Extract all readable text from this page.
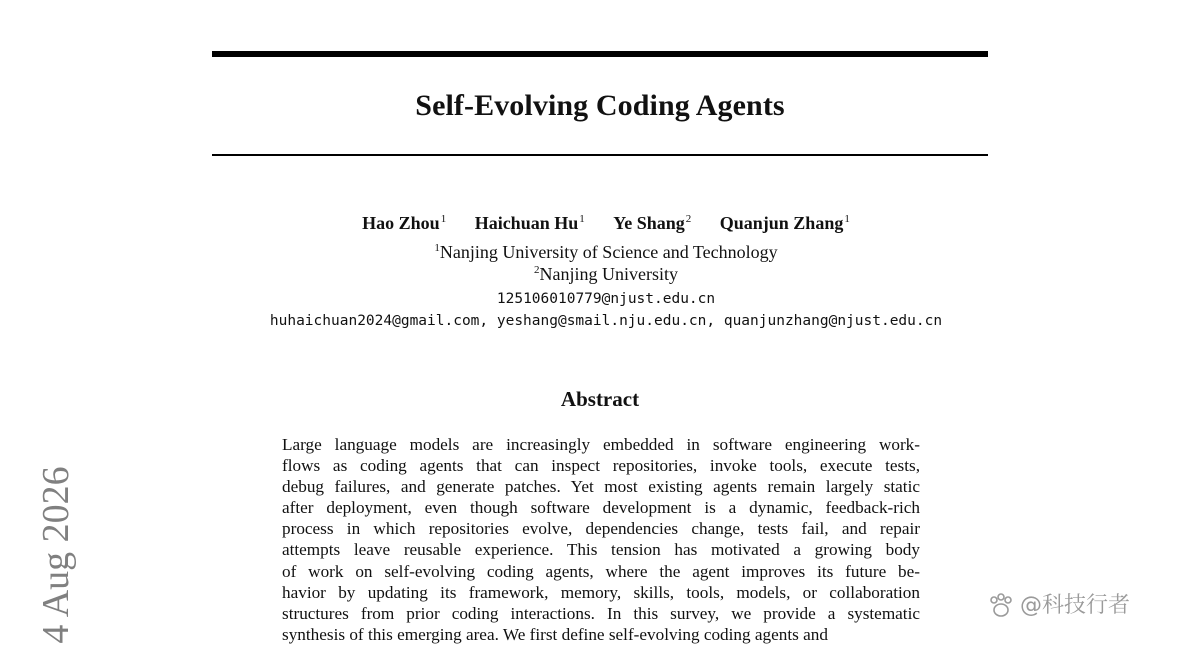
Self-Evolving Coding Agents
Hao Zhou$^1$ Haichuan Hu$^1$ Ye Shang$^2$ Quanjun Zhang$^1$
$^1$Nanjing University of Science and Technology
$^2$Nanjing University
125106010779@njust.edu.cn
huhaichuan2024@gmail.com, yeshang@smail.nju.edu.cn, quanjunzhang@njust.edu.cn
Abstract
Large language models are increasingly embedded in software engineering work-
flows as coding agents that can inspect repositories, invoke tools, execute tests,
debug failures, and generate patches. Yet most existing agents remain largely static
after deployment, even though software development is a dynamic, feedback-rich
process in which repositories evolve, dependencies change, tests fail, and repair
attempts leave reusable experience. This tension has motivated a growing body
of work on self-evolving coding agents, where the agent improves its future be-
havior by updating its framework, memory, skills, tools, models, or collaboration
structures from prior coding interactions. In this survey, we provide a systematic
synthesis of this emerging area. We first define self-evolving coding agents and
4 Aug 2026	@科技行者
